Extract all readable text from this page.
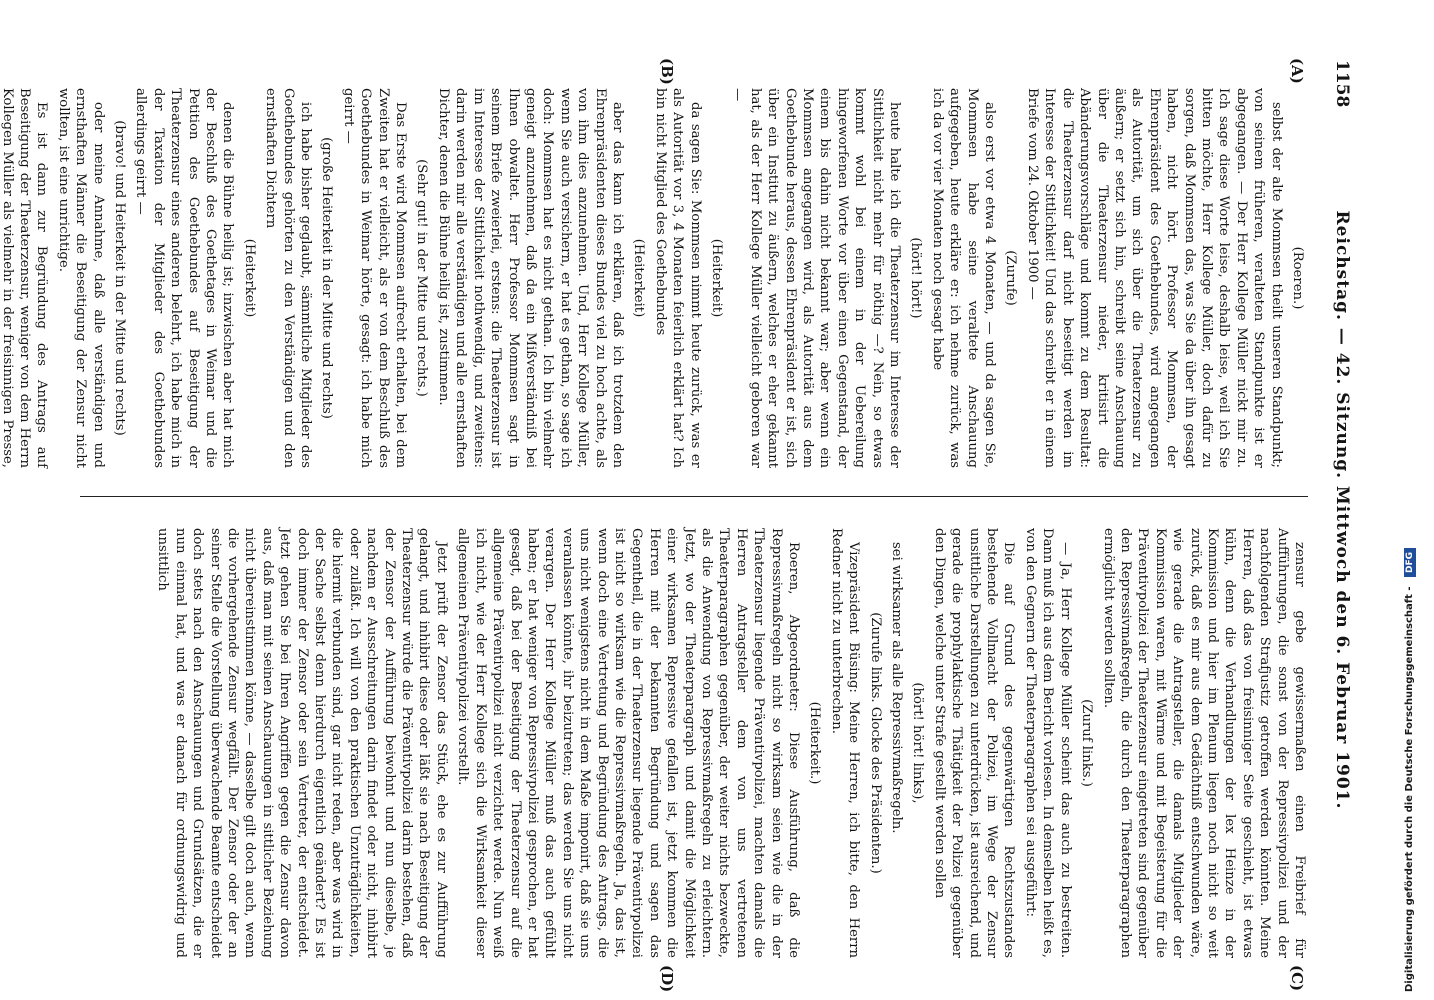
1158
Reichstag. — 42. Sitzung. Mittwoch den 6. Februar 1901.
(A)
(B)
(C)
(D)

(Roeren.)

selbst der alte Mommsen theilt unseren Standpunkt; von seinem früheren, veralteten Standpunkte ist er abgegangen. — Der Herr Kollege Müller nickt mir zu. Ich sage diese Worte leise, deshalb leise, weil ich Sie bitten möchte, Herr Kollege Müller, doch dafür zu sorgen, daß Mommsen das, was Sie da über ihn gesagt haben, nicht hört. Professor Mommsen, der Ehrenpräsident des Goethebundes, wird angegangen als Autorität, um sich über die Theaterzensur zu äußern; er setzt sich hin, schreibt seine Anschauung über die Theaterzensur nieder, kritisirt die Abänderungsvorschläge und kommt zu dem Resultat: die Theaterzensur darf nicht beseitigt werden im Interesse der Sittlichkeit! Und das schreibt er in einem Briefe vom 24. Oktober 1900 —

(Zurufe)

also erst vor etwa 4 Monaten, — und da sagen Sie, Mommsen habe seine veraltete Anschauung aufgegeben, heute erkläre er: ich nehme zurück, was ich da vor vier Monaten noch gesagt habe

(hört! hört!)

heute halte ich die Theaterzensur im Interesse der Sittlichkeit nicht mehr für nöthig —? Nein, so etwas kommt wohl bei einem in der Uebereilung hingeworfenen Worte vor über einen Gegenstand, der einem bis dahin nicht bekannt war; aber wenn ein Mommsen angegangen wird, als Autorität aus dem Goethebunde heraus, dessen Ehrenpräsident er ist, sich über ein Institut zu äußern, welches er eher gekannt hat, als der Herr Kollege Müller vielleicht geboren war —

(Heiterkeit)

da sagen Sie: Mommsen nimmt heute zurück, was er als Autorität vor 3, 4 Monaten feierlich erklärt hat? Ich bin nicht Mitglied des Goethebundes

(Heiterkeit)

aber das kann ich erklären, daß ich trotzdem den Ehrenpräsidenten dieses Bundes viel zu hoch achte, als von ihm dies anzunehmen. Und, Herr Kollege Müller, wenn Sie auch versichern, er hat es gethan, so sage ich doch: Mommsen hat es nicht gethan. Ich bin vielmehr geneigt anzunehmen, daß da ein Mißverständniß bei Ihnen obwaltet. Herr Professor Mommsen sagt in seinem Briefe zweierlei, erstens: die Theaterzensur ist im Interesse der Sittlichkeit nothwendig, und zweitens: darin werden mir alle verständigen und alle ernsthaften Dichter, denen die Bühne heilig ist, zustimmen.

(Sehr gut! in der Mitte und rechts.)

Das Erste wird Mommsen aufrecht erhalten, bei dem Zweiten hat er vielleicht, als er von dem Beschluß des Goethebundes in Weimar hörte, gesagt: ich habe mich geirrt —

(große Heiterkeit in der Mitte und rechts)

ich habe bisher geglaubt, sämmtliche Mitglieder des Goethebundes gehörten zu den Verständigen und den ernsthaften Dichtern

(Heiterkeit)

denen die Bühne heilig ist; inzwischen aber hat mich der Beschluß des Goethetages in Weimar und die Petition des Goethebundes auf Beseitigung der Theaterzensur eines anderen belehrt, ich habe mich in der Taxation der Mitglieder des Goethebundes allerdings geirrt —

(bravo! und Heiterkeit in der Mitte und rechts)

oder meine Annahme, daß alle verständigen und ernsthaften Männer die Beseitigung der Zensur nicht wollten, ist eine unrichtige.

Es ist dann zur Begründung des Antrags auf Beseitigung der Theaterzensur, weniger von dem Herrn Kollegen Müller als vielmehr in der freisinnigen Presse,

zensur gebe gewissermaßen einen Freibrief für Aufführungen, die sonst von der Repressivpolizei und der nachfolgenden Strafjustiz getroffen werden könnten. Meine Herren, daß das von freisinniger Seite geschieht, ist etwas kühn, denn die Verhandlungen der lex Heinze in der Kommission und hier im Plenum liegen noch nicht so weit zurück, daß es mir aus dem Gedächtniß entschwunden wäre, wie gerade die Antragsteller, die damals Mitglieder der Kommission waren, mit Wärme und mit Begeisterung für die Präventivpolizei der Theaterzensur eingetreten sind gegenüber den Repressivmaßregeln, die durch den Theaterparagraphen ermöglicht werden sollten.

(Zuruf links.)

— Ja, Herr Kollege Müller scheint das auch zu bestreiten. Dann muß ich aus dem Bericht vorlesen. In demselben heißt es, von den Gegnern der Theaterparagraphen sei ausgeführt:

Die auf Grund des gegenwärtigen Rechtszustandes bestehende Vollmacht der Polizei, im Wege der Zensur unsittliche Darstellungen zu unterdrücken, ist ausreichend, und gerade die prophylaktische Thätigkeit der Polizei gegenüber den Dingen, welche unter Strafe gestellt werden sollen

(hört! hört! links),

sei wirksamer als alle Repressivmaßregeln.

(Zurufe links. Glocke des Präsidenten.)

Vizepräsident Büsing: Meine Herren, ich bitte, den Herrn Redner nicht zu unterbrechen.

(Heiterkeit.)

Roeren, Abgeordneter: Diese Ausführung, daß die Repressivmaßregeln nicht so wirksam seien wie die in der Theaterzensur liegende Präventivpolizei, machten damals die Herren Antragsteller dem von uns vertretenen Theaterparagraphen gegenüber, der weiter nichts bezweckte, als die Anwendung von Repressivmaßregeln zu erleichtern. Jetzt, wo der Theaterparagraph und damit die Möglichkeit einer wirksamen Repressive gefallen ist, jetzt kommen die Herren mit der bekannten Begründung und sagen das Gegentheil, die in der Theaterzensur liegende Präventivpolizei ist nicht so wirksam wie die Repressivmaßregeln. Ja, das ist, wenn doch eine Vertretung und Begründung des Antrags, die uns nicht wenigstens nicht in dem Maße imponirt, daß sie uns veranlassen könnte, ihr beizutreten; das werden Sie uns nicht verargen. Der Herr Kollege Müller muß das auch gefühlt haben; er hat weniger von Repressivpolizei gesprochen, er hat gesagt, daß bei der Beseitigung der Theaterzensur auf die allgemeine Präventivpolizei nicht verzichtet werde. Nun weiß ich nicht, wie der Herr Kollege sich die Wirksamkeit dieser allgemeinen Präventivpolizei vorstellt.

Jetzt prüft der Zensor das Stück, ehe es zur Aufführung gelangt, und inhibirt diese oder läßt sie nach Beseitigung der Theaterzensur würde die Präventivpolizei darin bestehen, daß der Zensor der Aufführung beiwohnt und nun dieselbe, je nachdem er Ausschreitungen darin findet oder nicht, inhibirt oder zuläßt. Ich will von den praktischen Unzuträglichkeiten, die hiermit verbunden sind, gar nicht reden, aber was wird in der Sache selbst denn hierdurch eigentlich geändert? Es ist doch immer der Zensor oder sein Vertreter, der entscheidet. Jetzt gehen Sie bei Ihren Angriffen gegen die Zensur davon aus, daß man mit seinen Anschauungen in sittlicher Beziehung nicht übereinstimmen könne, — dasselbe gilt doch auch, wenn die vorhergehende Zensur wegfällt. Der Zensor oder der an seiner Stelle die Vorstellung überwachende Beamte entscheidet doch stets nach den Anschauungen und Grundsätzen, die er nun einmal hat, und was er danach für ordnungswidrig und unsittlich

Digitalisierung gefördert durch die Deutsche Forschungsgemeinschaft - DFG
